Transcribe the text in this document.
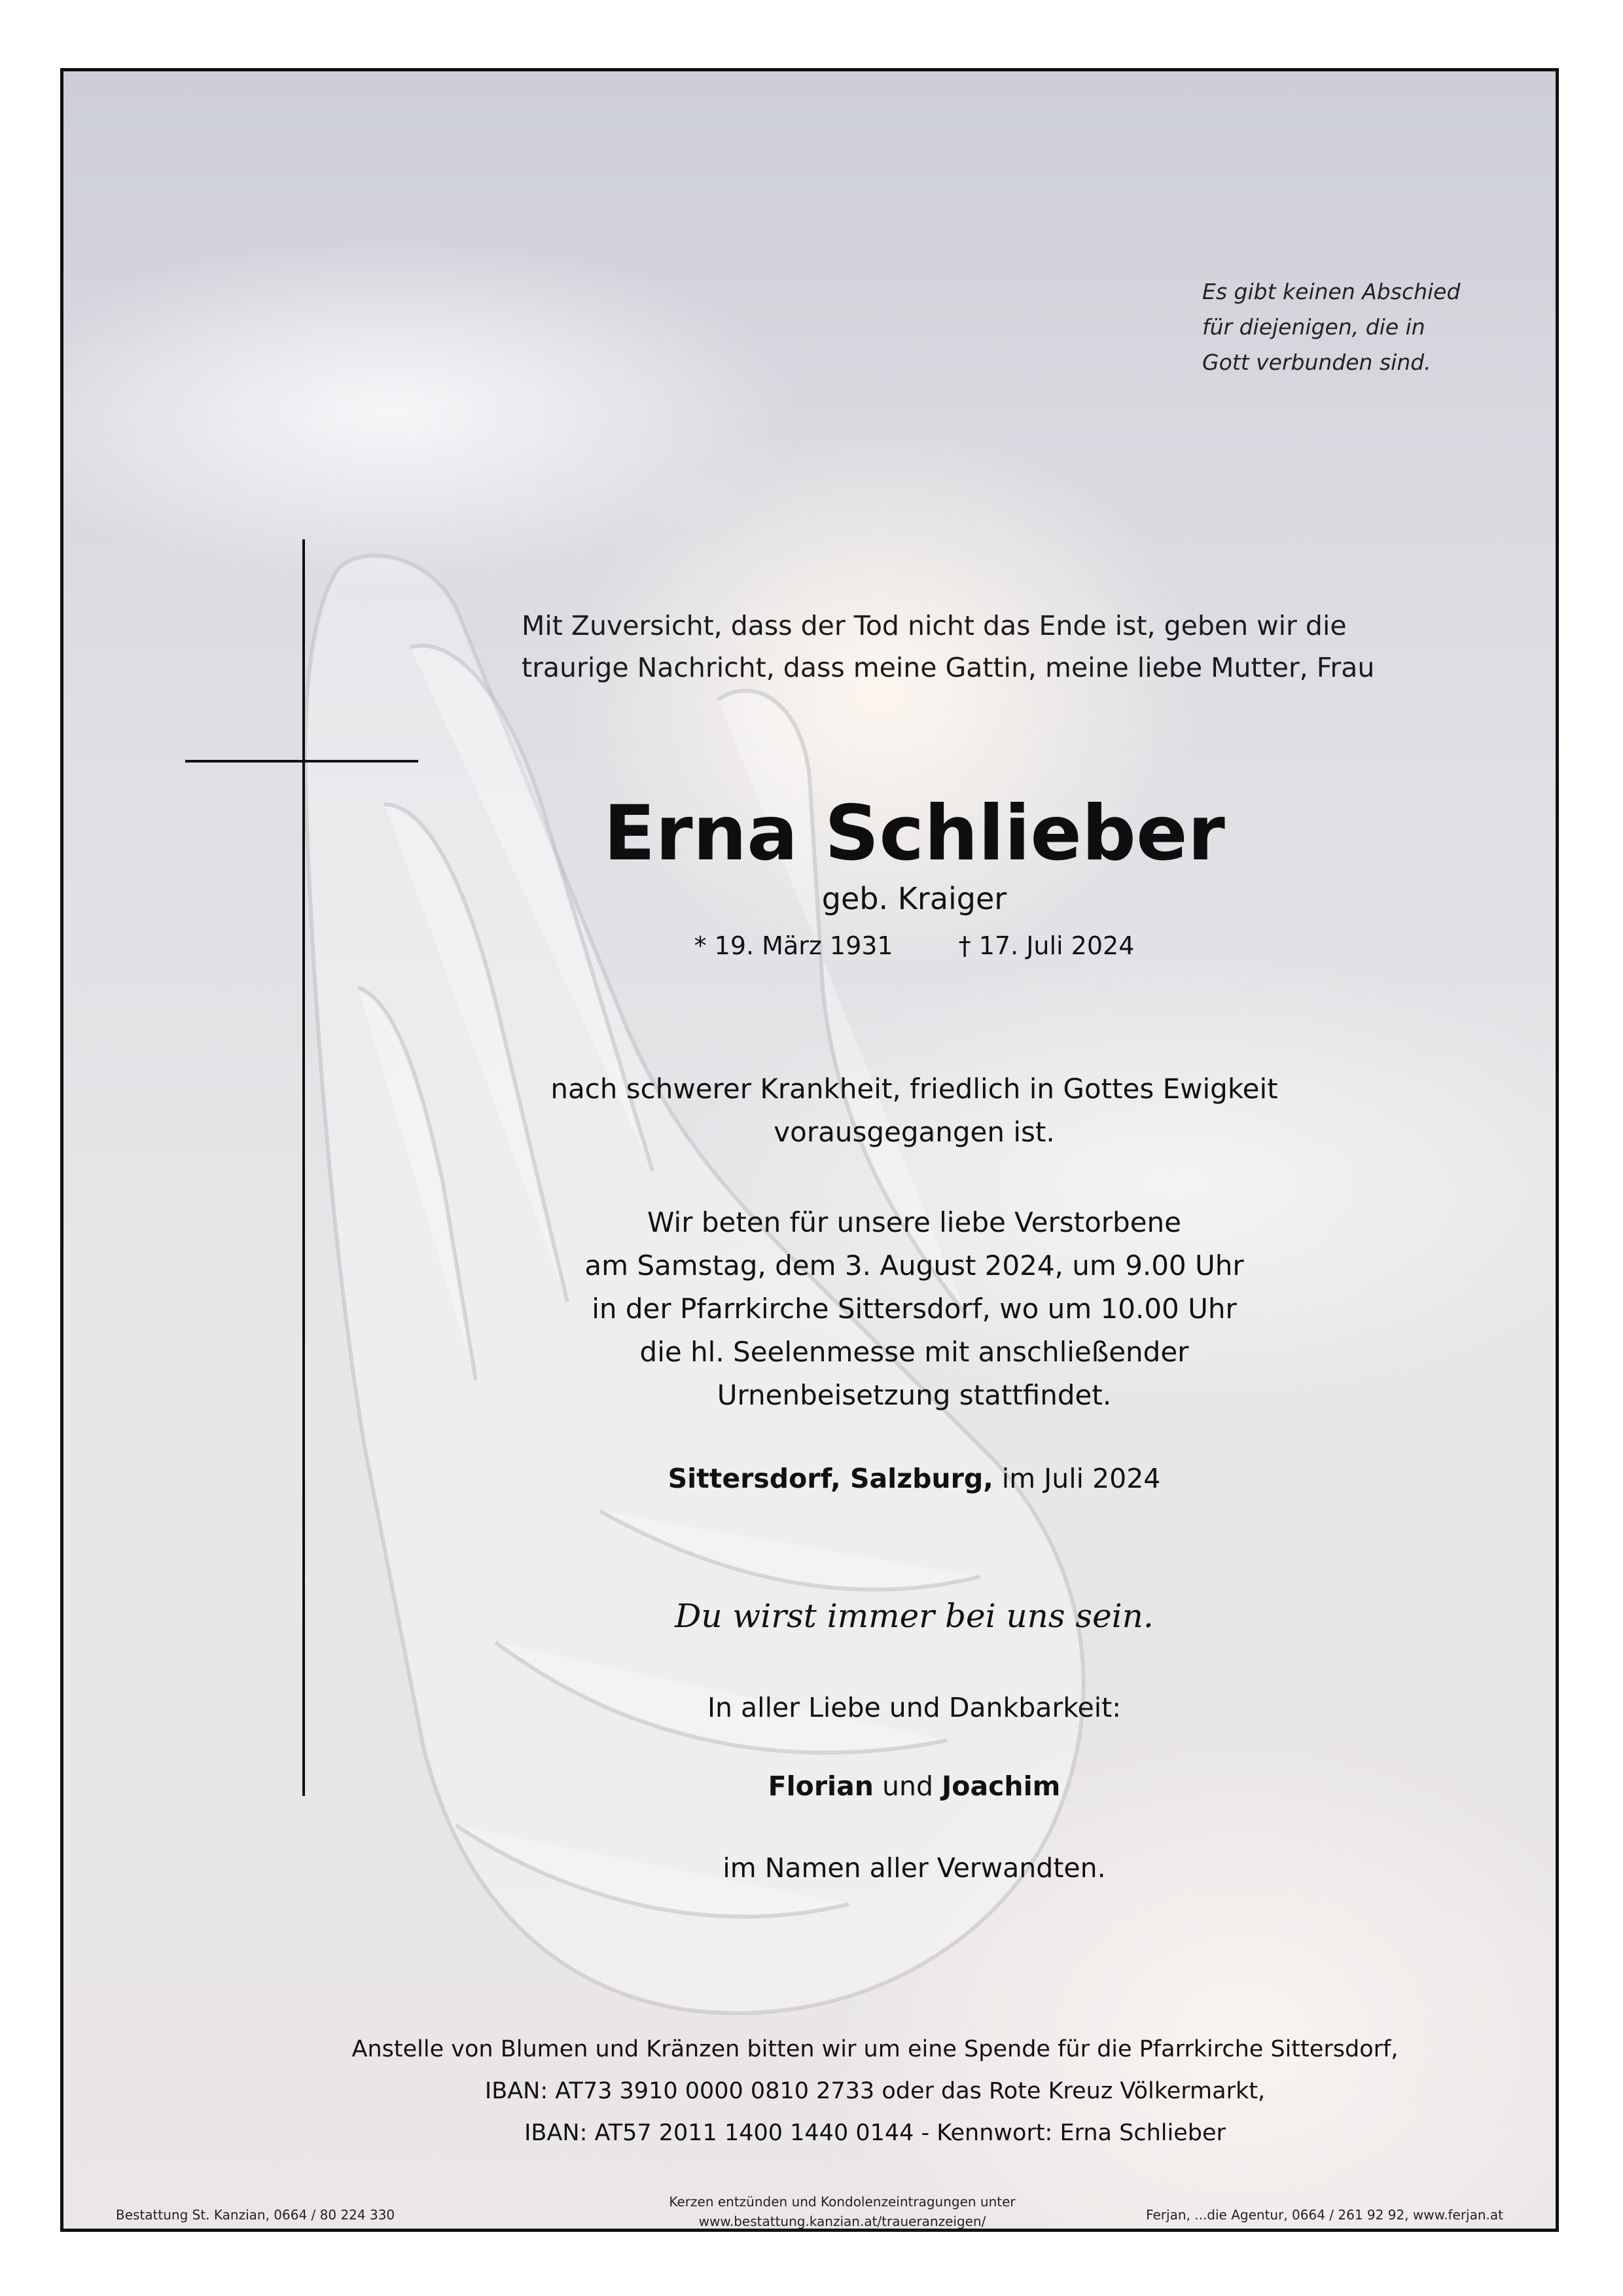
Es gibt keinen Abschied
für diejenigen, die in
Gott verbunden sind.
Mit Zuversicht, dass der Tod nicht das Ende ist, geben wir die
traurige Nachricht, dass meine Gattin, meine liebe Mutter, Frau
Erna Schlieber
geb. Kraiger
* 19. März 1931	† 17. Juli 2024
nach schwerer Krankheit, friedlich in Gottes Ewigkeit
vorausgegangen ist.
Wir beten für unsere liebe Verstorbene
am Samstag, dem 3. August 2024, um 9.00 Uhr
in der Pfarrkirche Sittersdorf, wo um 10.00 Uhr
die hl. Seelenmesse mit anschließender
Urnenbeisetzung stattfindet.
Sittersdorf, Salzburg, im Juli 2024
Du wirst immer bei uns sein.
In aller Liebe und Dankbarkeit:
Florian und Joachim
im Namen aller Verwandten.
Anstelle von Blumen und Kränzen bitten wir um eine Spende für die Pfarrkirche Sittersdorf,
IBAN: AT73 3910 0000 0810 2733 oder das Rote Kreuz Völkermarkt,
IBAN: AT57 2011 1400 1440 0144 - Kennwort: Erna Schlieber
Bestattung St. Kanzian, 0664 / 80 224 330
Kerzen entzünden und Kondolenzeintragungen unter
www.bestattung.kanzian.at/traueranzeigen/	Ferjan, ...die Agentur, 0664 / 261 92 92, www.ferjan.at
